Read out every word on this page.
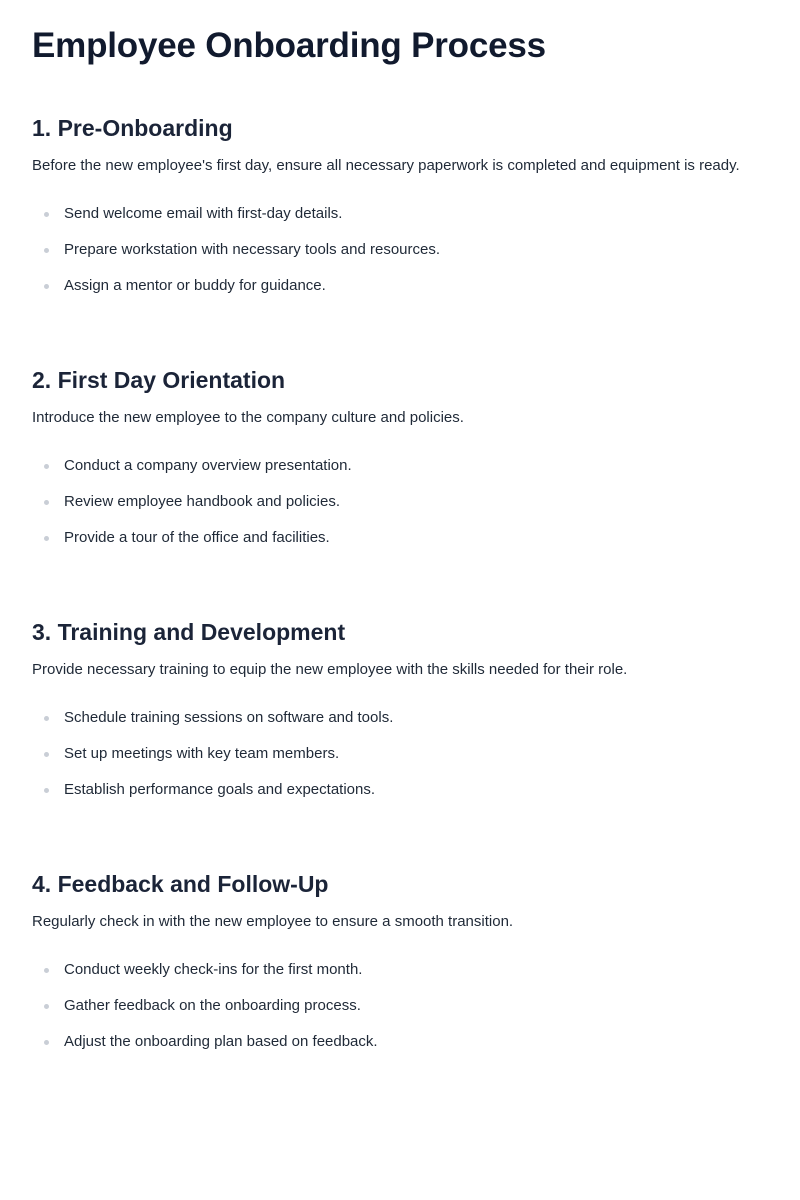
Employee Onboarding Process
1. Pre-Onboarding

Before the new employee's first day, ensure all necessary paperwork is completed and equipment is ready.

Send welcome email with first-day details.
Prepare workstation with necessary tools and resources.
Assign a mentor or buddy for guidance.
2. First Day Orientation

Introduce the new employee to the company culture and policies.

Conduct a company overview presentation.
Review employee handbook and policies.
Provide a tour of the office and facilities.
3. Training and Development

Provide necessary training to equip the new employee with the skills needed for their role.

Schedule training sessions on software and tools.
Set up meetings with key team members.
Establish performance goals and expectations.
4. Feedback and Follow-Up

Regularly check in with the new employee to ensure a smooth transition.

Conduct weekly check-ins for the first month.
Gather feedback on the onboarding process.
Adjust the onboarding plan based on feedback.
